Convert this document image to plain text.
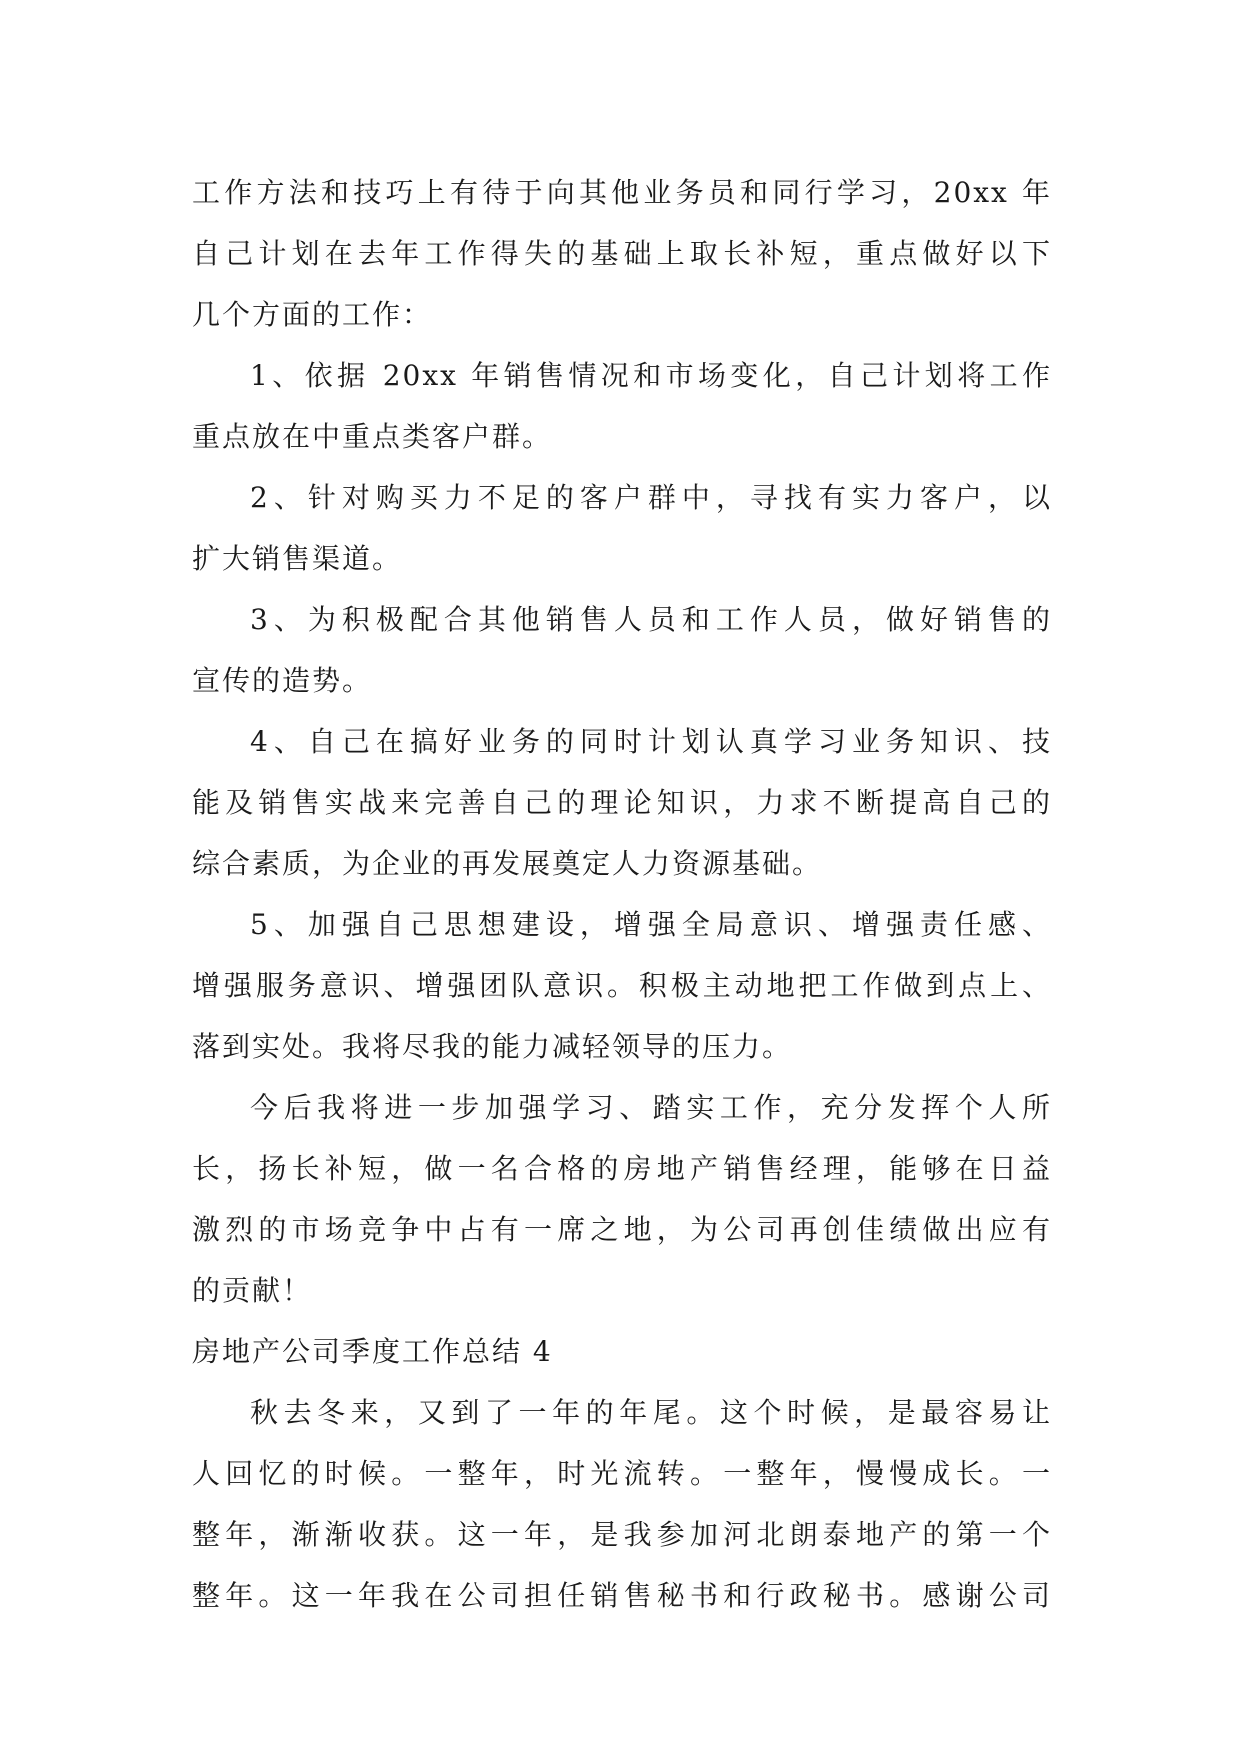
工作方法和技巧上有待于向其他业务员和同行学习，20xx 年
自己计划在去年工作得失的基础上取长补短，重点做好以下
几个方面的工作：
1、依据 20xx 年销售情况和市场变化，自己计划将工作
重点放在中重点类客户群。
2、针对购买力不足的客户群中，寻找有实力客户，以
扩大销售渠道。
3、为积极配合其他销售人员和工作人员，做好销售的
宣传的造势。
4、自己在搞好业务的同时计划认真学习业务知识、技
能及销售实战来完善自己的理论知识，力求不断提高自己的
综合素质，为企业的再发展奠定人力资源基础。
5、加强自己思想建设，增强全局意识、增强责任感、
增强服务意识、增强团队意识。积极主动地把工作做到点上、
落到实处。我将尽我的能力减轻领导的压力。
今后我将进一步加强学习、踏实工作，充分发挥个人所
长，扬长补短，做一名合格的房地产销售经理，能够在日益
激烈的市场竞争中占有一席之地，为公司再创佳绩做出应有
的贡献！
房地产公司季度工作总结 4
秋去冬来，又到了一年的年尾。这个时候，是最容易让
人回忆的时候。一整年，时光流转。一整年，慢慢成长。一
整年，渐渐收获。这一年，是我参加河北朗泰地产的第一个
整年。这一年我在公司担任销售秘书和行政秘书。感谢公司
